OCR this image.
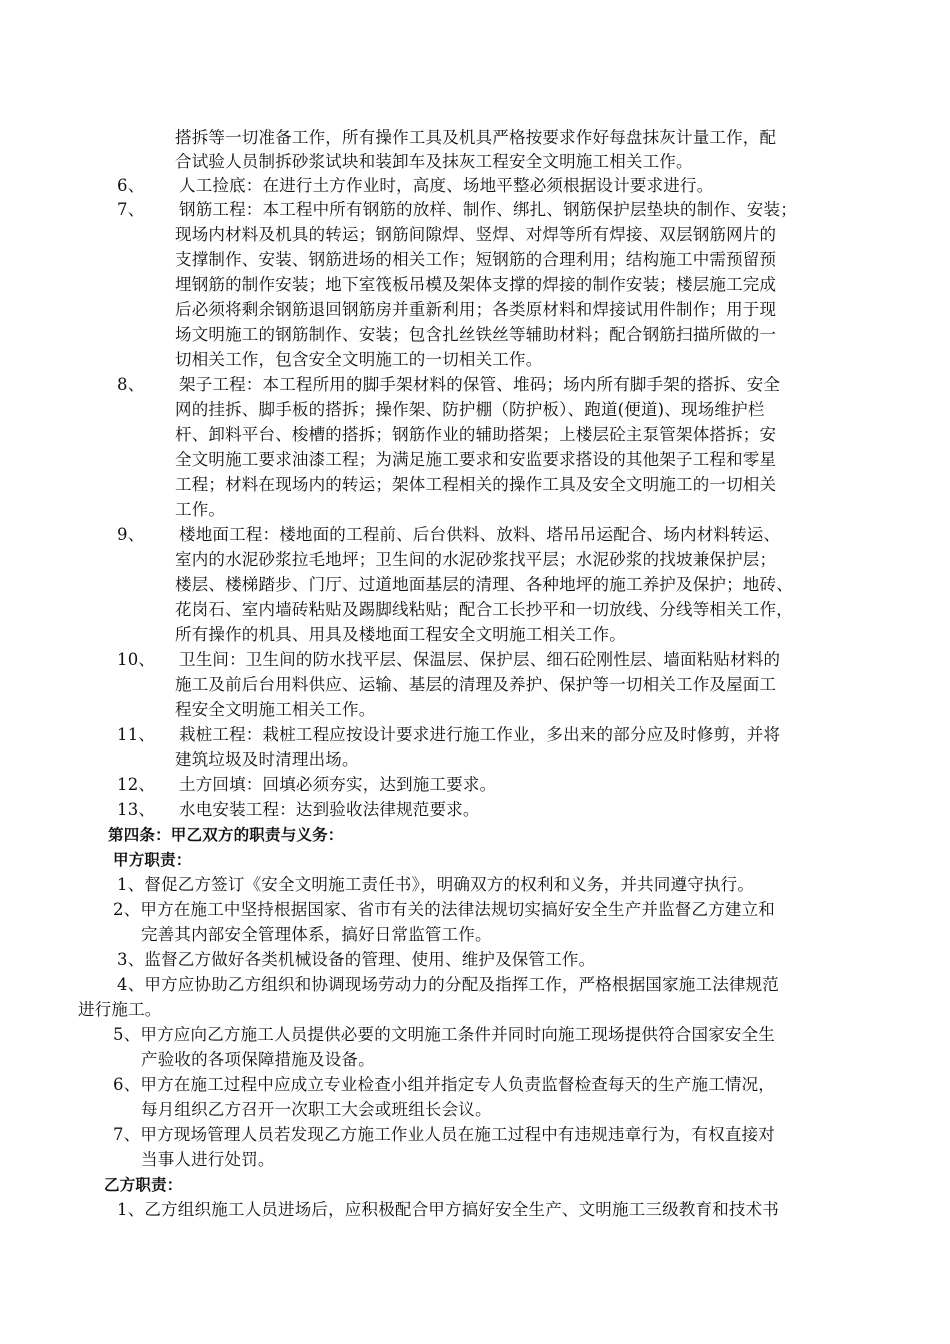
搭拆等一切准备工作，所有操作工具及机具严格按要求作好每盘抹灰计量工作，配
合试验人员制拆砂浆试块和装卸车及抹灰工程安全文明施工相关工作。
6、 人工捡底：在进行土方作业时，高度、场地平整必须根据设计要求进行。
7、 钢筋工程：本工程中所有钢筋的放样、制作、绑扎、钢筋保护层垫块的制作、安装；
现场内材料及机具的转运；钢筋间隙焊、竖焊、对焊等所有焊接、双层钢筋网片的
支撑制作、安装、钢筋进场的相关工作；短钢筋的合理利用；结构施工中需预留预
埋钢筋的制作安装；地下室筏板吊模及架体支撑的焊接的制作安装；楼层施工完成
后必须将剩余钢筋退回钢筋房并重新利用；各类原材料和焊接试用件制作；用于现
场文明施工的钢筋制作、安装；包含扎丝铁丝等辅助材料；配合钢筋扫描所做的一
切相关工作，包含安全文明施工的一切相关工作。
8、 架子工程：本工程所用的脚手架材料的保管、堆码；场内所有脚手架的搭拆、安全
网的挂拆、脚手板的搭拆；操作架、防护棚（防护板）、跑道(便道)、现场维护栏
杆、卸料平台、梭槽的搭拆；钢筋作业的辅助搭架；上楼层砼主泵管架体搭拆；安
全文明施工要求油漆工程；为满足施工要求和安监要求搭设的其他架子工程和零星
工程；材料在现场内的转运；架体工程相关的操作工具及安全文明施工的一切相关
工作。
9、 楼地面工程：楼地面的工程前、后台供料、放料、塔吊吊运配合、场内材料转运、
室内的水泥砂浆拉毛地坪；卫生间的水泥砂浆找平层；水泥砂浆的找坡兼保护层；
楼层、楼梯踏步、门厅、过道地面基层的清理、各种地坪的施工养护及保护；地砖、
花岗石、室内墙砖粘贴及踢脚线粘贴；配合工长抄平和一切放线、分线等相关工作，
所有操作的机具、用具及楼地面工程安全文明施工相关工作。
10、 卫生间：卫生间的防水找平层、保温层、保护层、细石砼刚性层、墙面粘贴材料的
施工及前后台用料供应、运输、基层的清理及养护、保护等一切相关工作及屋面工
程安全文明施工相关工作。
11、 栽桩工程：栽桩工程应按设计要求进行施工作业，多出来的部分应及时修剪，并将
建筑垃圾及时清理出场。
12、 土方回填：回填必须夯实，达到施工要求。
13、 水电安装工程：达到验收法律规范要求。
第四条：甲乙双方的职责与义务：
甲方职责：
1、督促乙方签订《安全文明施工责任书》，明确双方的权利和义务，并共同遵守执行。
2、甲方在施工中坚持根据国家、省市有关的法律法规切实搞好安全生产并监督乙方建立和
完善其内部安全管理体系，搞好日常监管工作。
3、监督乙方做好各类机械设备的管理、使用、维护及保管工作。
4、甲方应协助乙方组织和协调现场劳动力的分配及指挥工作，严格根据国家施工法律规范
进行施工。
5、甲方应向乙方施工人员提供必要的文明施工条件并同时向施工现场提供符合国家安全生
产验收的各项保障措施及设备。
6、甲方在施工过程中应成立专业检查小组并指定专人负责监督检查每天的生产施工情况，
每月组织乙方召开一次职工大会或班组长会议。
7、甲方现场管理人员若发现乙方施工作业人员在施工过程中有违规违章行为，有权直接对
当事人进行处罚。
乙方职责：
1、乙方组织施工人员进场后，应积极配合甲方搞好安全生产、文明施工三级教育和技术书
